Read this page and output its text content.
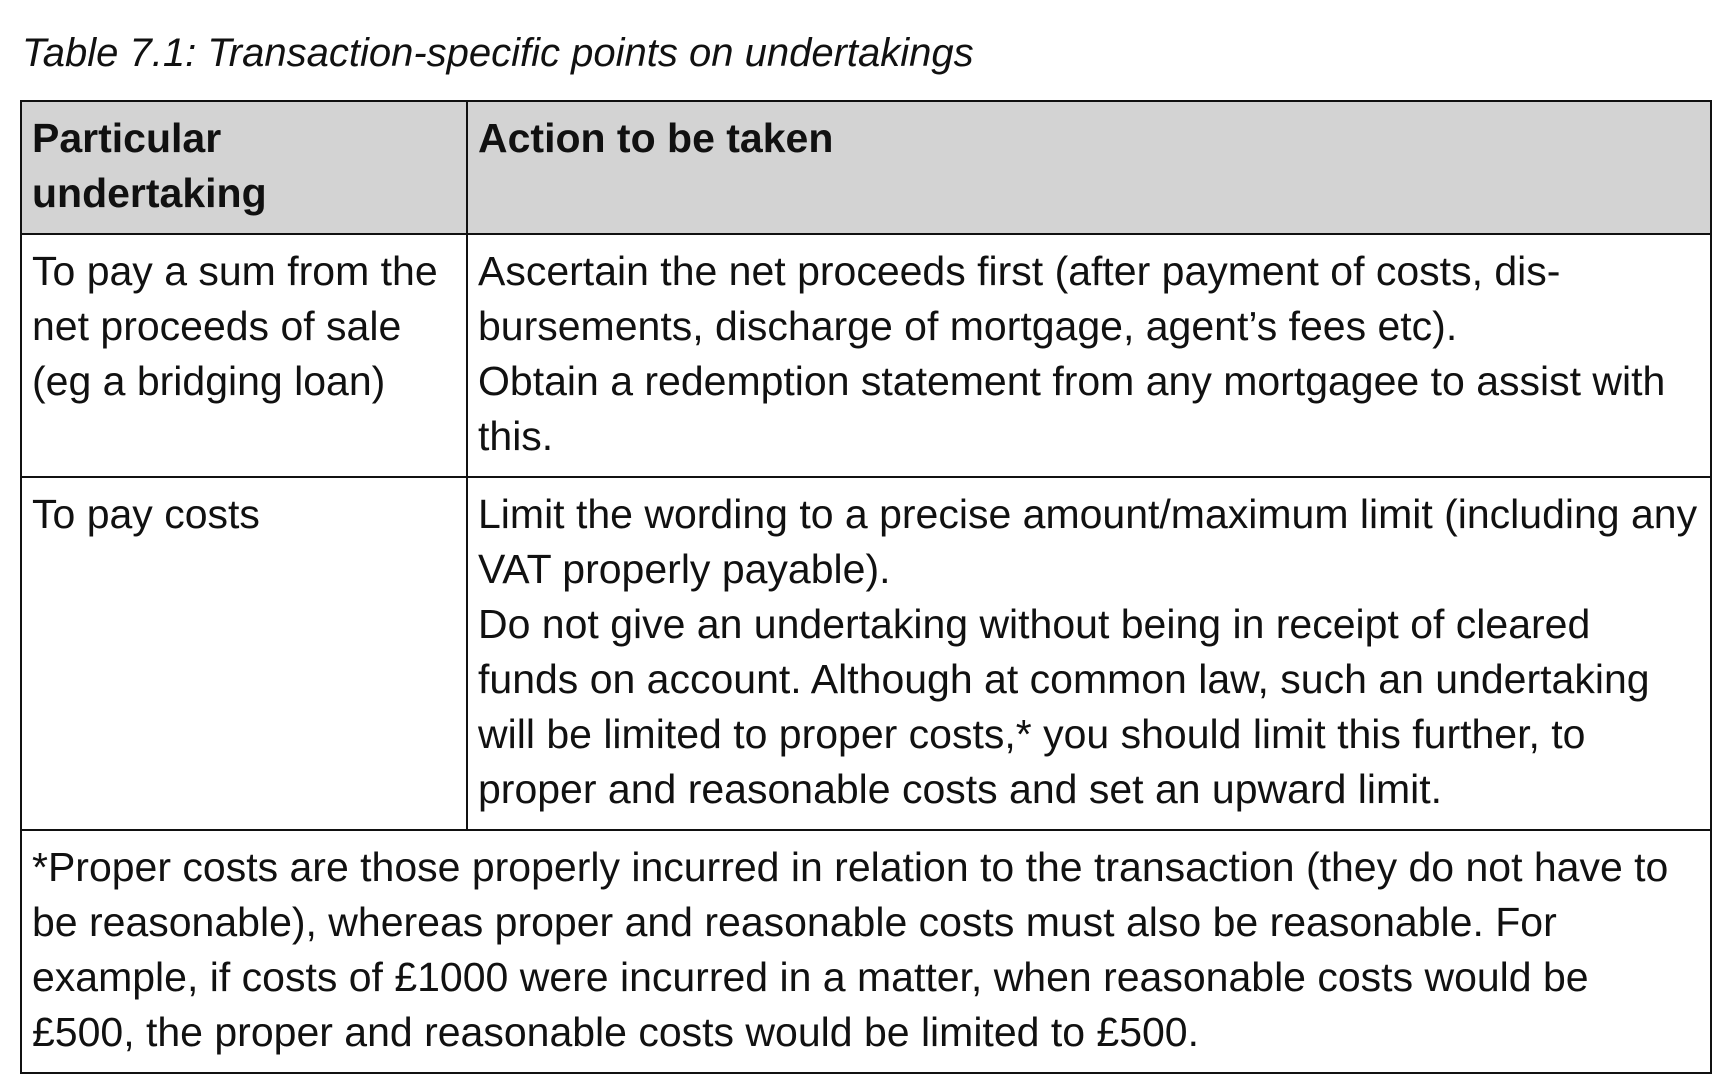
Table 7.1: Transaction-specific points on undertakings
Particular undertaking	Action to be taken
To pay a sum from the net proceeds of sale (eg a bridging loan)	Ascertain the net proceeds first (after payment of costs, disbursements, discharge of mortgage, agent’s fees etc).
Obtain a redemption statement from any mortgagee to assist with this.

To pay costs	Limit the wording to a precise amount/maximum limit (including any VAT properly payable).
Do not give an undertaking without being in receipt of cleared funds on account. Although at common law, such an undertaking will be limited to proper costs,* you should limit this further, to proper and reasonable costs and set an upward limit.

*Proper costs are those properly incurred in relation to the transaction (they do not have to be reasonable), whereas proper and reasonable costs must also be reasonable. For example, if costs of £1000 were incurred in a matter, when reasonable costs would be £500, the proper and reasonable costs would be limited to £500.	
